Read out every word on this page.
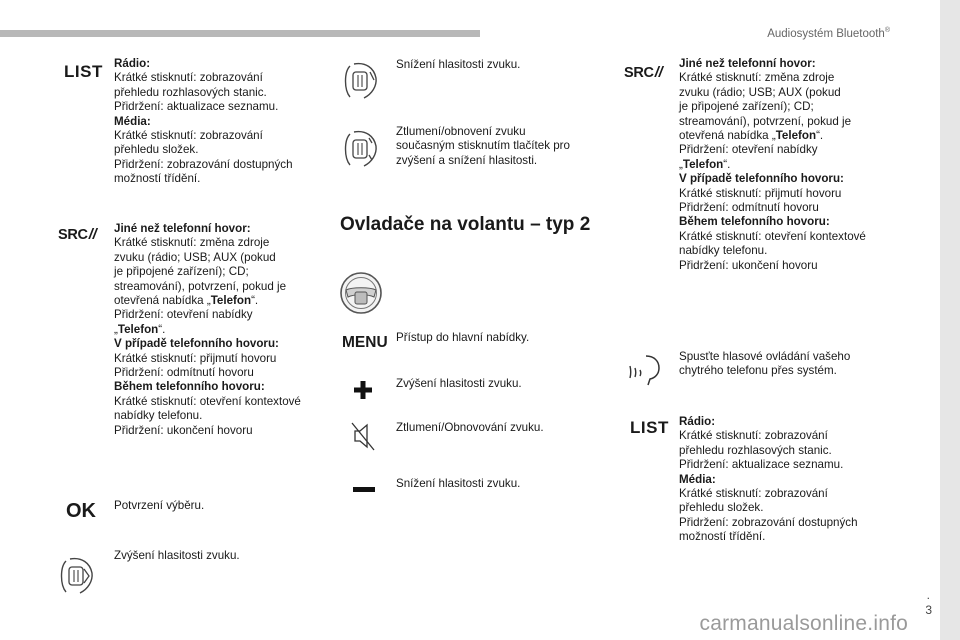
Audiosystém Bluetooth®
.
3
carmanualsonline.info
LIST Rádio:
Krátké stisknutí: zobrazování
přehledu rozhlasových stanic.
Přidržení: aktualizace seznamu.
Média:
Krátké stisknutí: zobrazování
přehledu složek.
Přidržení: zobrazování dostupných
možností třídění.
SRC// Jiné než telefonní hovor:
Krátké stisknutí: změna zdroje
zvuku (rádio; USB; AUX (pokud
je připojené zařízení); CD;
streamování), potvrzení, pokud je
otevřená nabídka „Telefon“.
Přidržení: otevření nabídky
„Telefon“.
V případě telefonního hovoru:
Krátké stisknutí: přijmutí hovoru
Přidržení: odmítnutí hovoru
Během telefonního hovoru:
Krátké stisknutí: otevření kontextové
nabídky telefonu.
Přidržení: ukončení hovoru
OK Potvrzení výběru.
Zvýšení hlasitosti zvuku.
Snížení hlasitosti zvuku.
Ztlumení/obnovení zvuku
současným stisknutím tlačítek pro
zvýšení a snížení hlasitosti.
Ovladače na volantu – typ 2
MENU Přístup do hlavní nabídky.
Zvýšení hlasitosti zvuku.
Ztlumení/Obnovování zvuku.
Snížení hlasitosti zvuku.
SRC//
Jiné než telefonní hovor:
Krátké stisknutí: změna zdroje
zvuku (rádio; USB; AUX (pokud
je připojené zařízení); CD;
streamování), potvrzení, pokud je
otevřená nabídka „Telefon“.
Přidržení: otevření nabídky
„Telefon“.
V případě telefonního hovoru:
Krátké stisknutí: přijmutí hovoru
Přidržení: odmítnutí hovoru
Během telefonního hovoru:
Krátké stisknutí: otevření kontextové
nabídky telefonu.
Přidržení: ukončení hovoru
Spusťte hlasové ovládání vašeho
chytrého telefonu přes systém.
LIST Rádio:
Krátké stisknutí: zobrazování
přehledu rozhlasových stanic.
Přidržení: aktualizace seznamu.
Média:
Krátké stisknutí: zobrazování
přehledu složek.
Přidržení: zobrazování dostupných
možností třídění.
